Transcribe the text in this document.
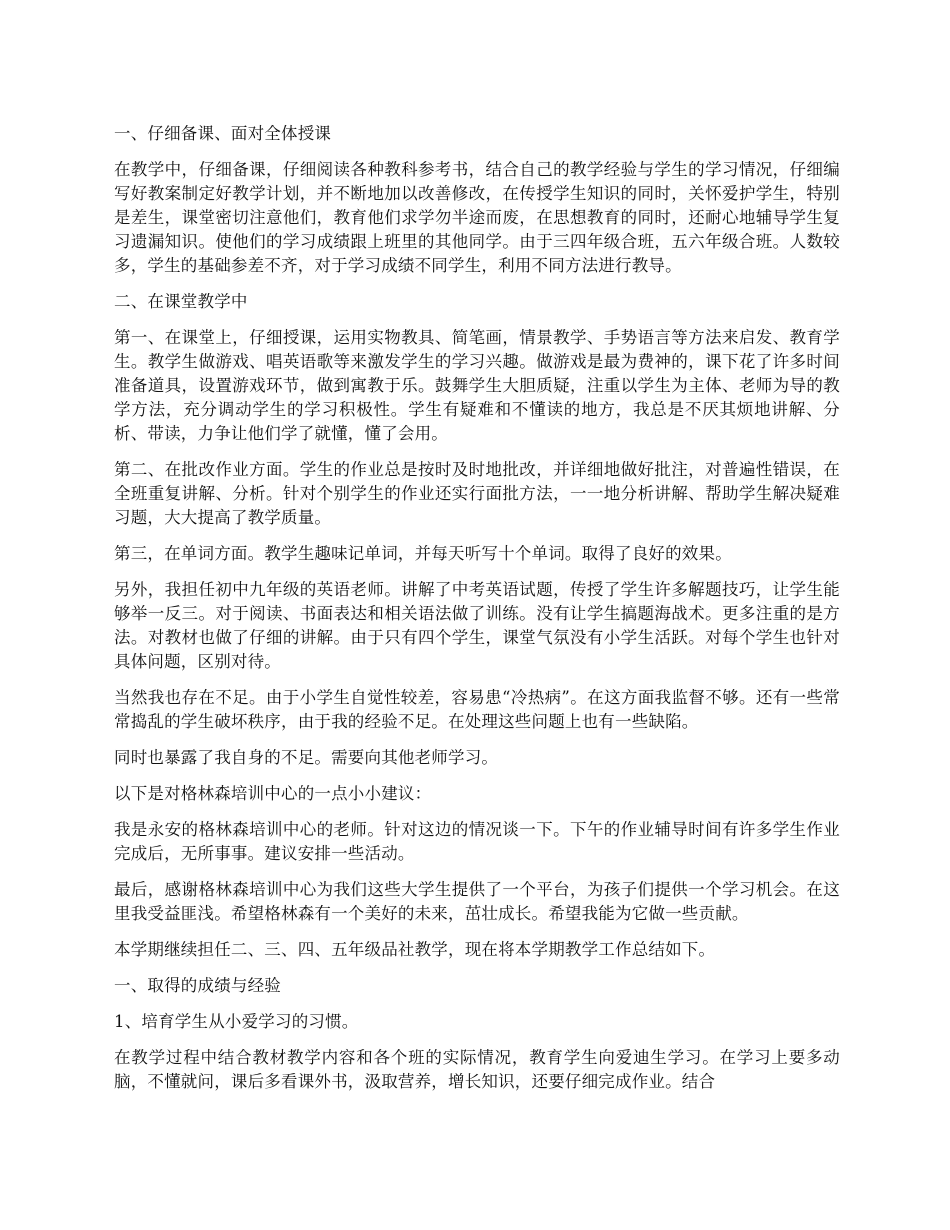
一、仔细备课、面对全体授课

在教学中，仔细备课，仔细阅读各种教科参考书，结合自己的教学经验与学生的学习情况，仔细编写好教案制定好教学计划，并不断地加以改善修改，在传授学生知识的同时，关怀爱护学生，特别是差生，课堂密切注意他们，教育他们求学勿半途而废，在思想教育的同时，还耐心地辅导学生复习遗漏知识。使他们的学习成绩跟上班里的其他同学。由于三四年级合班，五六年级合班。人数较多，学生的基础参差不齐，对于学习成绩不同学生，利用不同方法进行教导。

二、在课堂教学中

第一、在课堂上，仔细授课，运用实物教具、简笔画，情景教学、手势语言等方法来启发、教育学生。教学生做游戏、唱英语歌等来激发学生的学习兴趣。做游戏是最为费神的，课下花了许多时间准备道具，设置游戏环节，做到寓教于乐。鼓舞学生大胆质疑，注重以学生为主体、老师为导的教学方法，充分调动学生的学习积极性。学生有疑难和不懂读的地方，我总是不厌其烦地讲解、分析、带读，力争让他们学了就懂，懂了会用。

第二、在批改作业方面。学生的作业总是按时及时地批改，并详细地做好批注，对普遍性错误，在全班重复讲解、分析。针对个别学生的作业还实行面批方法，一一地分析讲解、帮助学生解决疑难习题，大大提高了教学质量。

第三，在单词方面。教学生趣味记单词，并每天听写十个单词。取得了良好的效果。

另外，我担任初中九年级的英语老师。讲解了中考英语试题，传授了学生许多解题技巧，让学生能够举一反三。对于阅读、书面表达和相关语法做了训练。没有让学生搞题海战术。更多注重的是方法。对教材也做了仔细的讲解。由于只有四个学生，课堂气氛没有小学生活跃。对每个学生也针对具体问题，区别对待。

当然我也存在不足。由于小学生自觉性较差，容易患“冷热病”。在这方面我监督不够。还有一些常常捣乱的学生破坏秩序，由于我的经验不足。在处理这些问题上也有一些缺陷。

同时也暴露了我自身的不足。需要向其他老师学习。

以下是对格林森培训中心的一点小小建议：

我是永安的格林森培训中心的老师。针对这边的情况谈一下。下午的作业辅导时间有许多学生作业完成后，无所事事。建议安排一些活动。

最后，感谢格林森培训中心为我们这些大学生提供了一个平台，为孩子们提供一个学习机会。在这里我受益匪浅。希望格林森有一个美好的未来，茁壮成长。希望我能为它做一些贡献。

本学期继续担任二、三、四、五年级品社教学，现在将本学期教学工作总结如下。

一、取得的成绩与经验

1、培育学生从小爱学习的习惯。

在教学过程中结合教材教学内容和各个班的实际情况，教育学生向爱迪生学习。在学习上要多动脑，不懂就问，课后多看课外书，汲取营养，增长知识，还要仔细完成作业。结合
